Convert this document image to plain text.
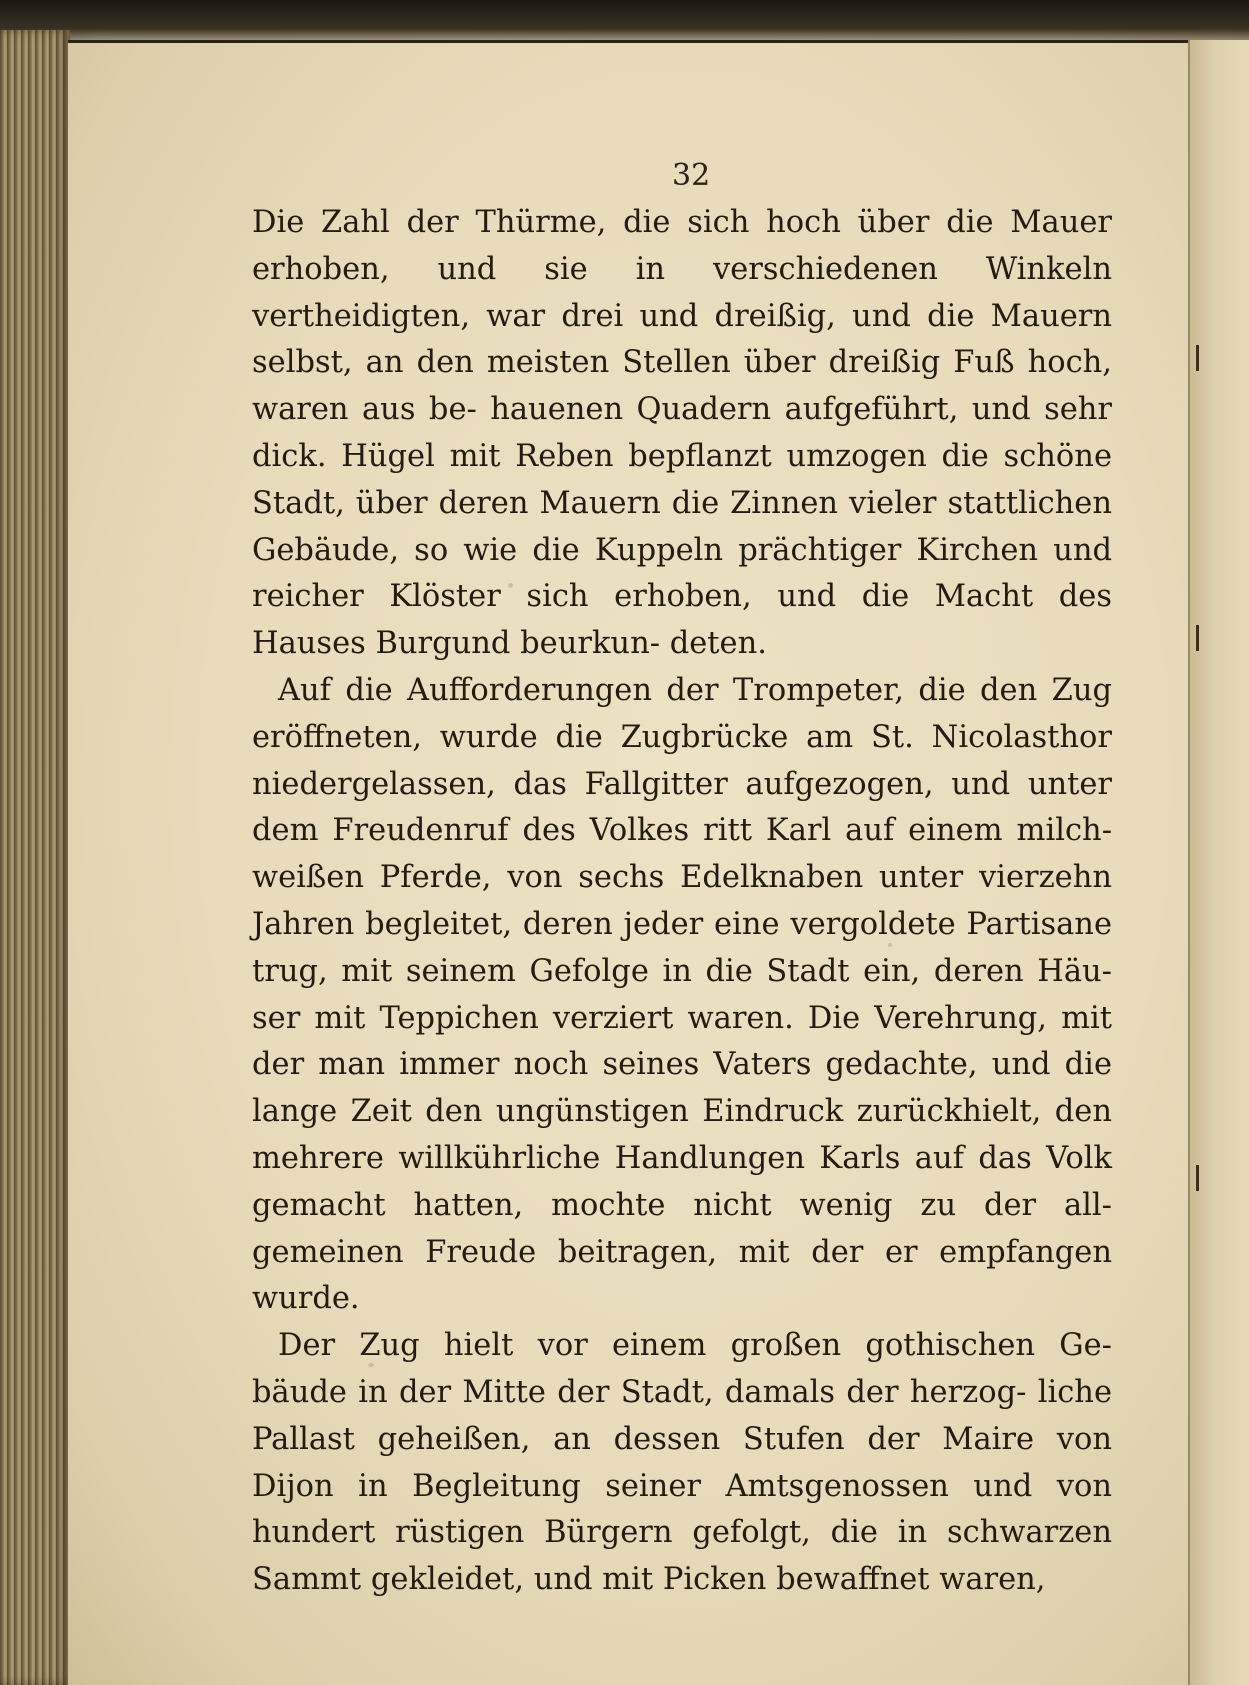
32

Die Zahl der Thürme, die sich hoch über die Mauer erhoben, und sie in verschiedenen Winkeln vertheidigten, war drei und dreißig, und die Mauern selbst, an den meisten Stellen über dreißig Fuß hoch, waren aus be- hauenen Quadern aufgeführt, und sehr dick. Hügel mit Reben bepflanzt umzogen die schöne Stadt, über deren Mauern die Zinnen vieler stattlichen Gebäude, so wie die Kuppeln prächtiger Kirchen und reicher Klöster sich erhoben, und die Macht des Hauses Burgund beurkun- deten.

Auf die Aufforderungen der Trompeter, die den Zug eröffneten, wurde die Zugbrücke am St. Nicolasthor niedergelassen, das Fallgitter aufgezogen, und unter dem Freudenruf des Volkes ritt Karl auf einem milch- weißen Pferde, von sechs Edelknaben unter vierzehn Jahren begleitet, deren jeder eine vergoldete Partisane trug, mit seinem Gefolge in die Stadt ein, deren Häu- ser mit Teppichen verziert waren. Die Verehrung, mit der man immer noch seines Vaters gedachte, und die lange Zeit den ungünstigen Eindruck zurückhielt, den mehrere willkührliche Handlungen Karls auf das Volk gemacht hatten, mochte nicht wenig zu der all- gemeinen Freude beitragen, mit der er empfangen wurde.

Der Zug hielt vor einem großen gothischen Ge- bäude in der Mitte der Stadt, damals der herzog- liche Pallast geheißen, an dessen Stufen der Maire von Dijon in Begleitung seiner Amtsgenossen und von hundert rüstigen Bürgern gefolgt, die in schwarzen Sammt gekleidet, und mit Picken bewaffnet waren,
